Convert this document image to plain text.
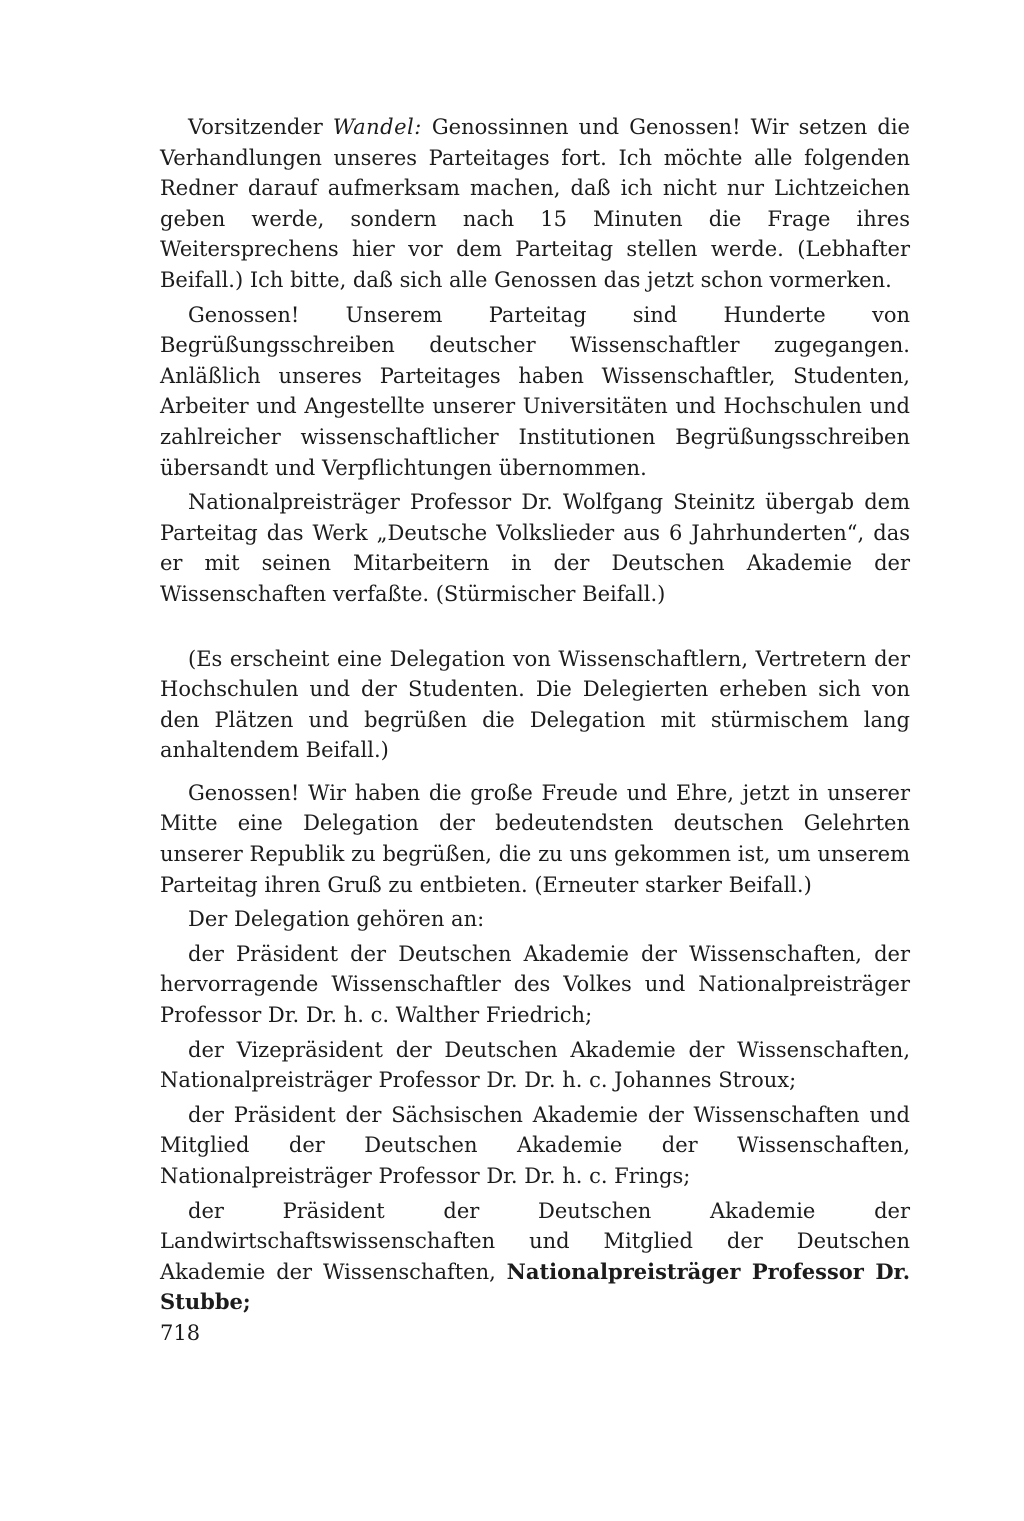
Vorsitzender Wandel: Genossinnen und Genossen! Wir setzen die Verhandlungen unseres Parteitages fort. Ich möchte alle folgenden Redner darauf aufmerksam machen, daß ich nicht nur Lichtzeichen geben werde, sondern nach 15 Minuten die Frage ihres Weitersprechens hier vor dem Parteitag stellen werde. (Lebhafter Beifall.) Ich bitte, daß sich alle Genossen das jetzt schon vormerken.

Genossen! Unserem Parteitag sind Hunderte von Begrüßungsschreiben deutscher Wissenschaftler zugegangen. Anläßlich unseres Parteitages haben Wissenschaftler, Studenten, Arbeiter und Angestellte unserer Universitäten und Hochschulen und zahlreicher wissenschaftlicher Institutionen Begrüßungsschreiben übersandt und Verpflichtungen übernommen.

Nationalpreisträger Professor Dr. Wolfgang Steinitz übergab dem Parteitag das Werk „Deutsche Volkslieder aus 6 Jahrhunderten“, das er mit seinen Mitarbeitern in der Deutschen Akademie der Wissenschaften verfaßte. (Stürmischer Beifall.)

(Es erscheint eine Delegation von Wissenschaftlern, Vertretern der Hochschulen und der Studenten. Die Delegierten erheben sich von den Plätzen und begrüßen die Delegation mit stürmischem lang anhaltendem Beifall.)

Genossen! Wir haben die große Freude und Ehre, jetzt in unserer Mitte eine Delegation der bedeutendsten deutschen Gelehrten unserer Republik zu begrüßen, die zu uns gekommen ist, um unserem Parteitag ihren Gruß zu entbieten. (Erneuter starker Beifall.)

Der Delegation gehören an:

der Präsident der Deutschen Akademie der Wissenschaften, der hervorragende Wissenschaftler des Volkes und Nationalpreisträger Professor Dr. Dr. h. c. Walther Friedrich;

der Vizepräsident der Deutschen Akademie der Wissenschaften, Nationalpreisträger Professor Dr. Dr. h. c. Johannes Stroux;

der Präsident der Sächsischen Akademie der Wissenschaften und Mitglied der Deutschen Akademie der Wissenschaften, Nationalpreisträger Professor Dr. Dr. h. c. Frings;

der Präsident der Deutschen Akademie der Landwirtschaftswissenschaften und Mitglied der Deutschen Akademie der Wissenschaften, Nationalpreisträger Professor Dr. Stubbe;

718
